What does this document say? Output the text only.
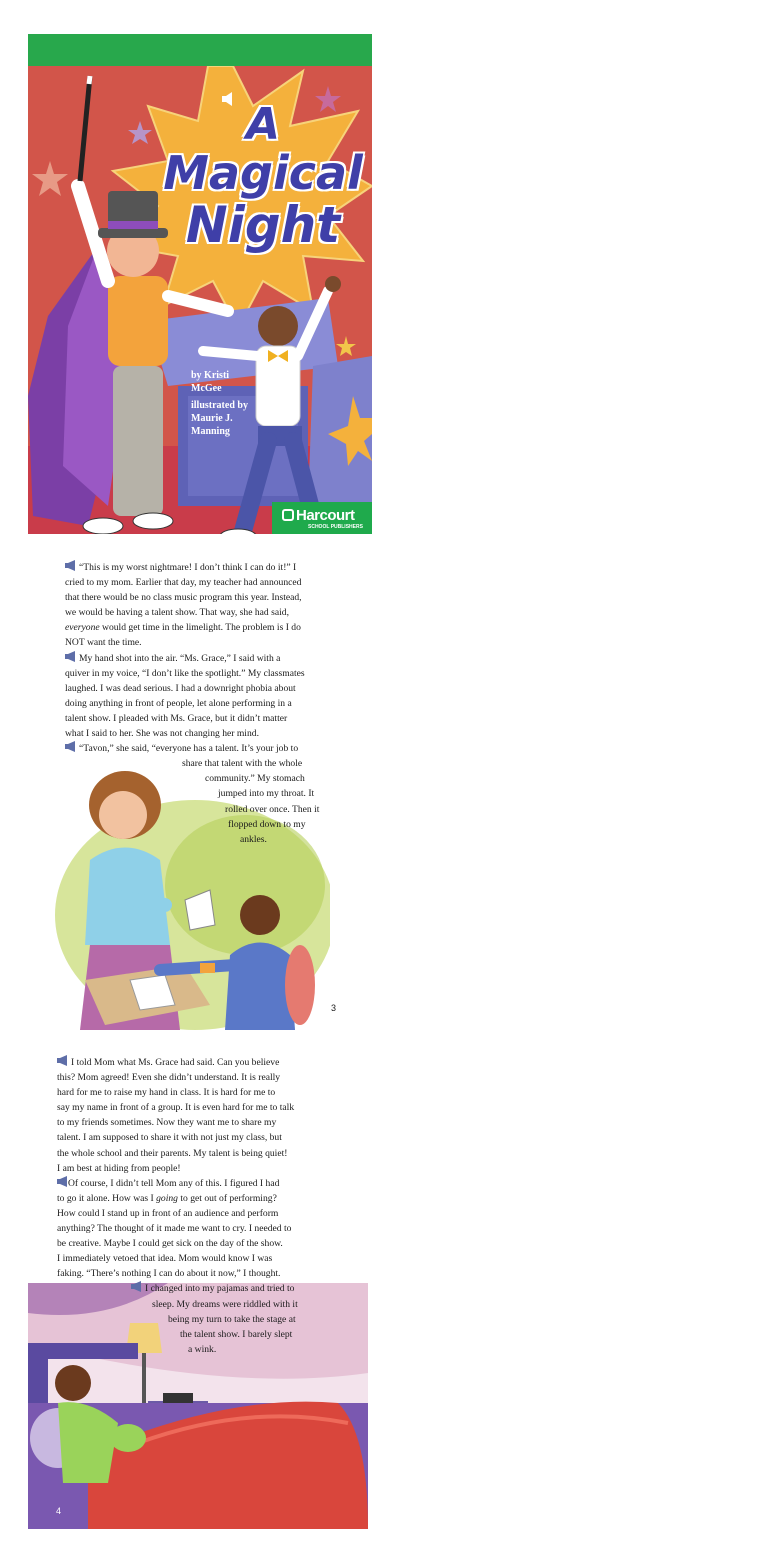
A
Magical
Night
by Kristi
McGee
illustrated by
Maurie J.
Manning
Harcourt
SCHOOL PUBLISHERS
“This is my worst nightmare! I don’t think I can do it!” I
cried to my mom. Earlier that day, my teacher had announced
that there would be no class music program this year. Instead,
we would be having a talent show. That way, she had said,
everyone would get time in the limelight. The problem is I do
NOT want the time.
My hand shot into the air. “Ms. Grace,” I said with a
quiver in my voice, “I don’t like the spotlight.” My classmates
laughed. I was dead serious. I had a downright phobia about
doing anything in front of people, let alone performing in a
talent show. I pleaded with Ms. Grace, but it didn’t matter
what I said to her. She was not changing her mind.
“Tavon,” she said, “everyone has a talent. It’s your job to
share that talent with the whole
community.” My stomach
jumped into my throat. It
rolled over once. Then it
flopped down to my
ankles.
3
I told Mom what Ms. Grace had said. Can you believe
this? Mom agreed! Even she didn’t understand. It is really
hard for me to raise my hand in class. It is hard for me to
say my name in front of a group. It is even hard for me to talk
to my friends sometimes. Now they want me to share my
talent. I am supposed to share it with not just my class, but
the whole school and their parents. My talent is being quiet!
I am best at hiding from people!
Of course, I didn’t tell Mom any of this. I figured I had
to go it alone. How was I going to get out of performing?
How could I stand up in front of an audience and perform
anything? The thought of it made me want to cry. I needed to
be creative. Maybe I could get sick on the day of the show.
I immediately vetoed that idea. Mom would know I was
faking. “There’s nothing I can do about it now,” I thought.
I changed into my pajamas and tried to
sleep. My dreams were riddled with it
being my turn to take the stage at
the talent show. I barely slept
a wink.
4
